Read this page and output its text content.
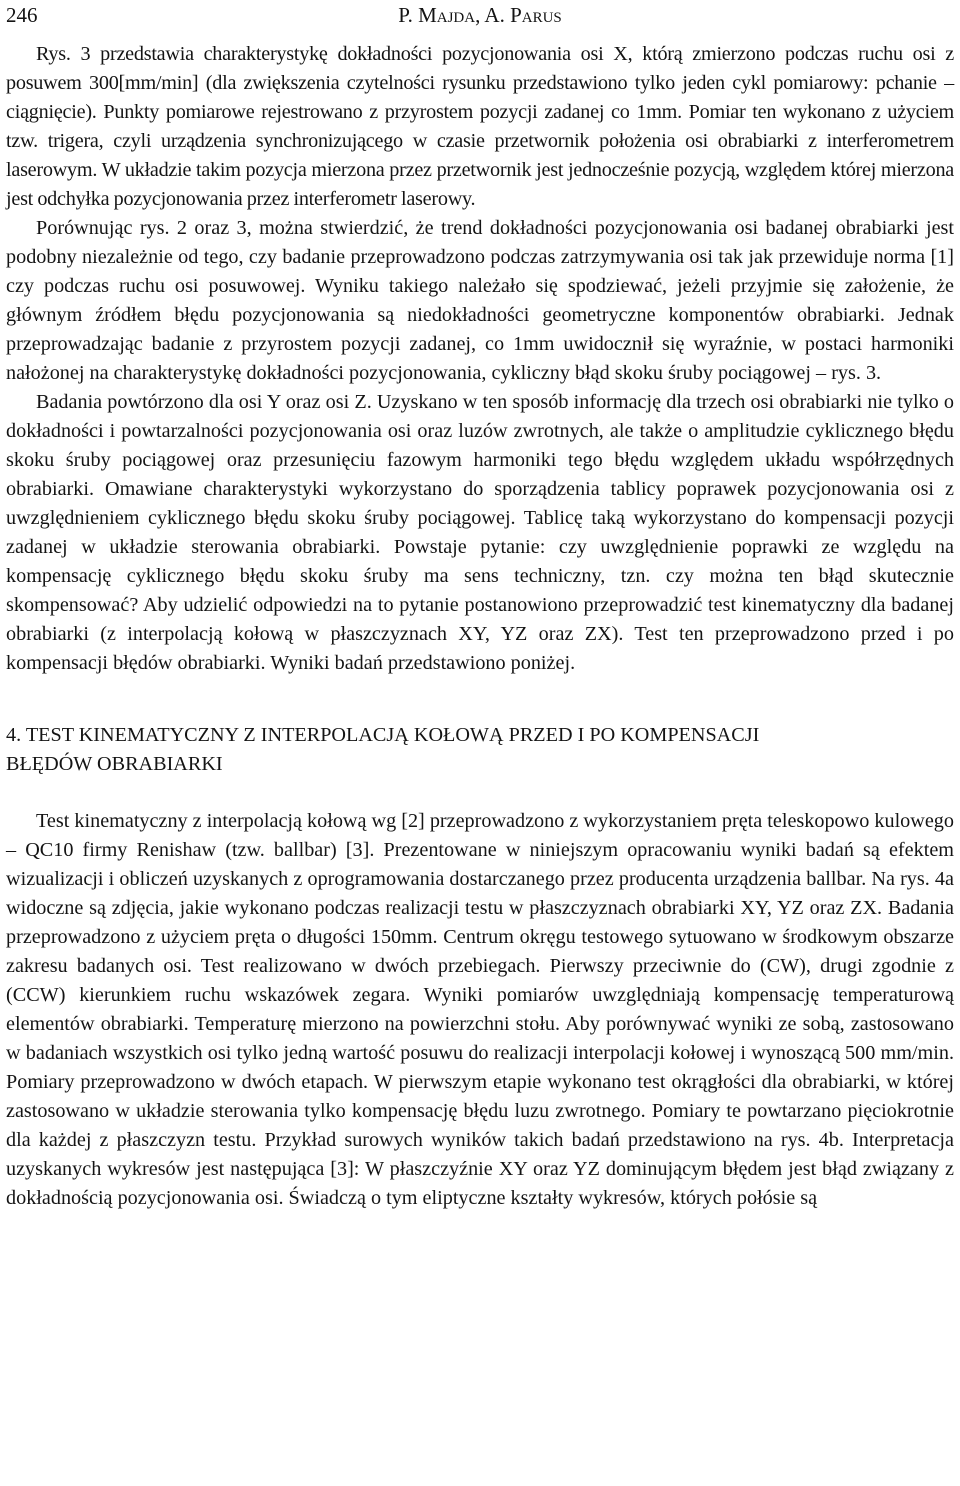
246	P. Majda, A. Parus

Rys. 3 przedstawia charakterystykę dokładności pozycjonowania osi X, którą zmierzono podczas ruchu osi z posuwem 300[mm/min] (dla zwiększenia czytelności rysunku przedstawiono tylko jeden cykl pomiarowy: pchanie – ciągnięcie). Punkty pomiarowe rejestrowano z przyrostem pozycji zadanej co 1mm. Pomiar ten wykonano z użyciem tzw. trigera, czyli urządzenia synchronizującego w czasie przetwornik położenia osi obrabiarki z interferometrem laserowym. W układzie takim pozycja mierzona przez przetwornik jest jednocześnie pozycją, względem której mierzona jest odchyłka pozycjonowania przez interferometr laserowy.

Porównując rys. 2 oraz 3, można stwierdzić, że trend dokładności pozycjonowania osi badanej obrabiarki jest podobny niezależnie od tego, czy badanie przeprowadzono podczas zatrzymywania osi tak jak przewiduje norma [1] czy podczas ruchu osi posuwowej. Wyniku takiego należało się spodziewać, jeżeli przyjmie się założenie, że głównym źródłem błędu pozycjonowania są niedokładności geometryczne komponentów obrabiarki. Jednak przeprowadzając badanie z przyrostem pozycji zadanej, co 1mm uwidocznił się wyraźnie, w postaci harmoniki nałożonej na charakterystykę dokładności pozycjonowania, cykliczny błąd skoku śruby pociągowej – rys. 3.

Badania powtórzono dla osi Y oraz osi Z. Uzyskano w ten sposób informację dla trzech osi obrabiarki nie tylko o dokładności i powtarzalności pozycjonowania osi oraz luzów zwrotnych, ale także o amplitudzie cyklicznego błędu skoku śruby pociągowej oraz przesunięciu fazowym harmoniki tego błędu względem układu współrzędnych obrabiarki. Omawiane charakterystyki wykorzystano do sporządzenia tablicy poprawek pozycjonowania osi z uwzględnieniem cyklicznego błędu skoku śruby pociągowej. Tablicę taką wykorzystano do kompensacji pozycji zadanej w układzie sterowania obrabiarki. Powstaje pytanie: czy uwzględnienie poprawki ze względu na kompensację cyklicznego błędu skoku śruby ma sens techniczny, tzn. czy można ten błąd skutecznie skompensować? Aby udzielić odpowiedzi na to pytanie postanowiono przeprowadzić test kinematyczny dla badanej obrabiarki (z interpolacją kołową w płaszczyznach XY, YZ oraz ZX). Test ten przeprowadzono przed i po kompensacji błędów obrabiarki. Wyniki badań przedstawiono poniżej.

4. TEST KINEMATYCZNY Z INTERPOLACJĄ KOŁOWĄ PRZED I PO KOMPENSACJI
BŁĘDÓW OBRABIARKI

Test kinematyczny z interpolacją kołową wg [2] przeprowadzono z wykorzystaniem pręta teleskopowo kulowego – QC10 firmy Renishaw (tzw. ballbar) [3]. Prezentowane w niniejszym opracowaniu wyniki badań są efektem wizualizacji i obliczeń uzyskanych z oprogramowania dostarczanego przez producenta urządzenia ballbar. Na rys. 4a widoczne są zdjęcia, jakie wykonano podczas realizacji testu w płaszczyznach obrabiarki XY, YZ oraz ZX. Badania przeprowadzono z użyciem pręta o długości 150mm. Centrum okręgu testowego sytuowano w środkowym obszarze zakresu badanych osi. Test realizowano w dwóch przebiegach. Pierwszy przeciwnie do (CW), drugi zgodnie z (CCW) kierunkiem ruchu wskazówek zegara. Wyniki pomiarów uwzględniają kompensację temperaturową elementów obrabiarki. Temperaturę mierzono na powierzchni stołu. Aby porównywać wyniki ze sobą, zastosowano w badaniach wszystkich osi tylko jedną wartość posuwu do realizacji interpolacji kołowej i wynoszącą 500 mm/min. Pomiary przeprowadzono w dwóch etapach. W pierwszym etapie wykonano test okrągłości dla obrabiarki, w której zastosowano w układzie sterowania tylko kompensację błędu luzu zwrotnego. Pomiary te powtarzano pięciokrotnie dla każdej z płaszczyzn testu. Przykład surowych wyników takich badań przedstawiono na rys. 4b. Interpretacja uzyskanych wykresów jest następująca [3]: W płaszczyźnie XY oraz YZ dominującym błędem jest błąd związany z dokładnością pozycjonowania osi. Świadczą o tym eliptyczne kształty wykresów, których połósie są
